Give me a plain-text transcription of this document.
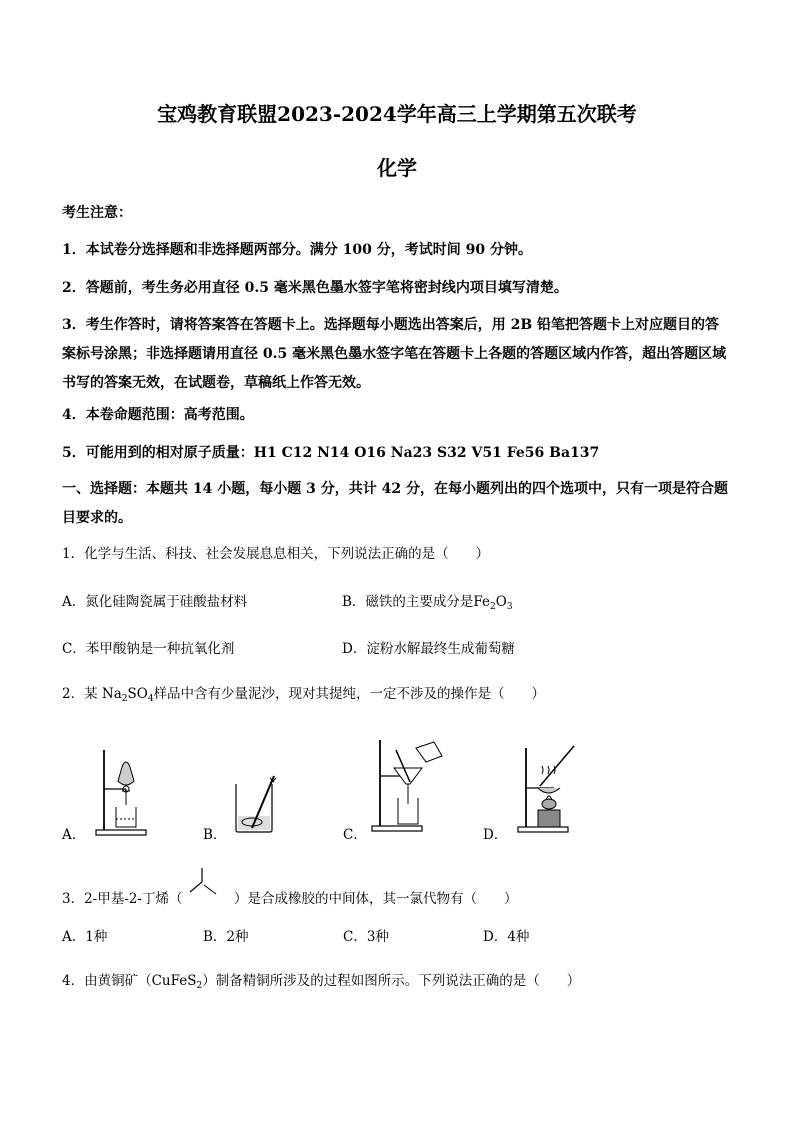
宝鸡教育联盟2023-2024学年高三上学期第五次联考
化学
考生注意：
1．本试卷分选择题和非选择题两部分。满分 100 分，考试时间 90 分钟。
2．答题前，考生务必用直径 0.5 毫米黑色墨水签字笔将密封线内项目填写清楚。
3．考生作答时，请将答案答在答题卡上。选择题每小题选出答案后，用 2B 铅笔把答题卡上对应题目的答案标号涂黑；非选择题请用直径 0.5 毫米黑色墨水签字笔在答题卡上各题的答题区域内作答，超出答题区域书写的答案无效，在试题卷，草稿纸上作答无效。
4．本卷命题范围：高考范围。
5．可能用到的相对原子质量：H1 C12 N14 O16 Na23 S32 V51 Fe56 Ba137
一、选择题：本题共 14 小题，每小题 3 分，共计 42 分，在每小题列出的四个选项中，只有一项是符合题目要求的。
1．化学与生活、科技、社会发展息息相关，下列说法正确的是（　　）
A．氮化硅陶瓷属于硅酸盐材料	B．磁铁的主要成分是$Fe_2O_3$
C．苯甲酸钠是一种抗氧化剂	D．淀粉水解最终生成葡萄糖
2．某 $Na_2SO_4$样品中含有少量泥沙，现对其提纯，一定不涉及的操作是（　　）
A．	B．	C．	D．
3．2-甲基-2-丁烯（	）是合成橡胶的中间体，其一氯代物有（　　）
A．1种	B．2种	C．3种	D．4种
4．由黄铜矿（CuFeS$_2$）制备精铜所涉及的过程如图所示。下列说法正确的是（　　）
